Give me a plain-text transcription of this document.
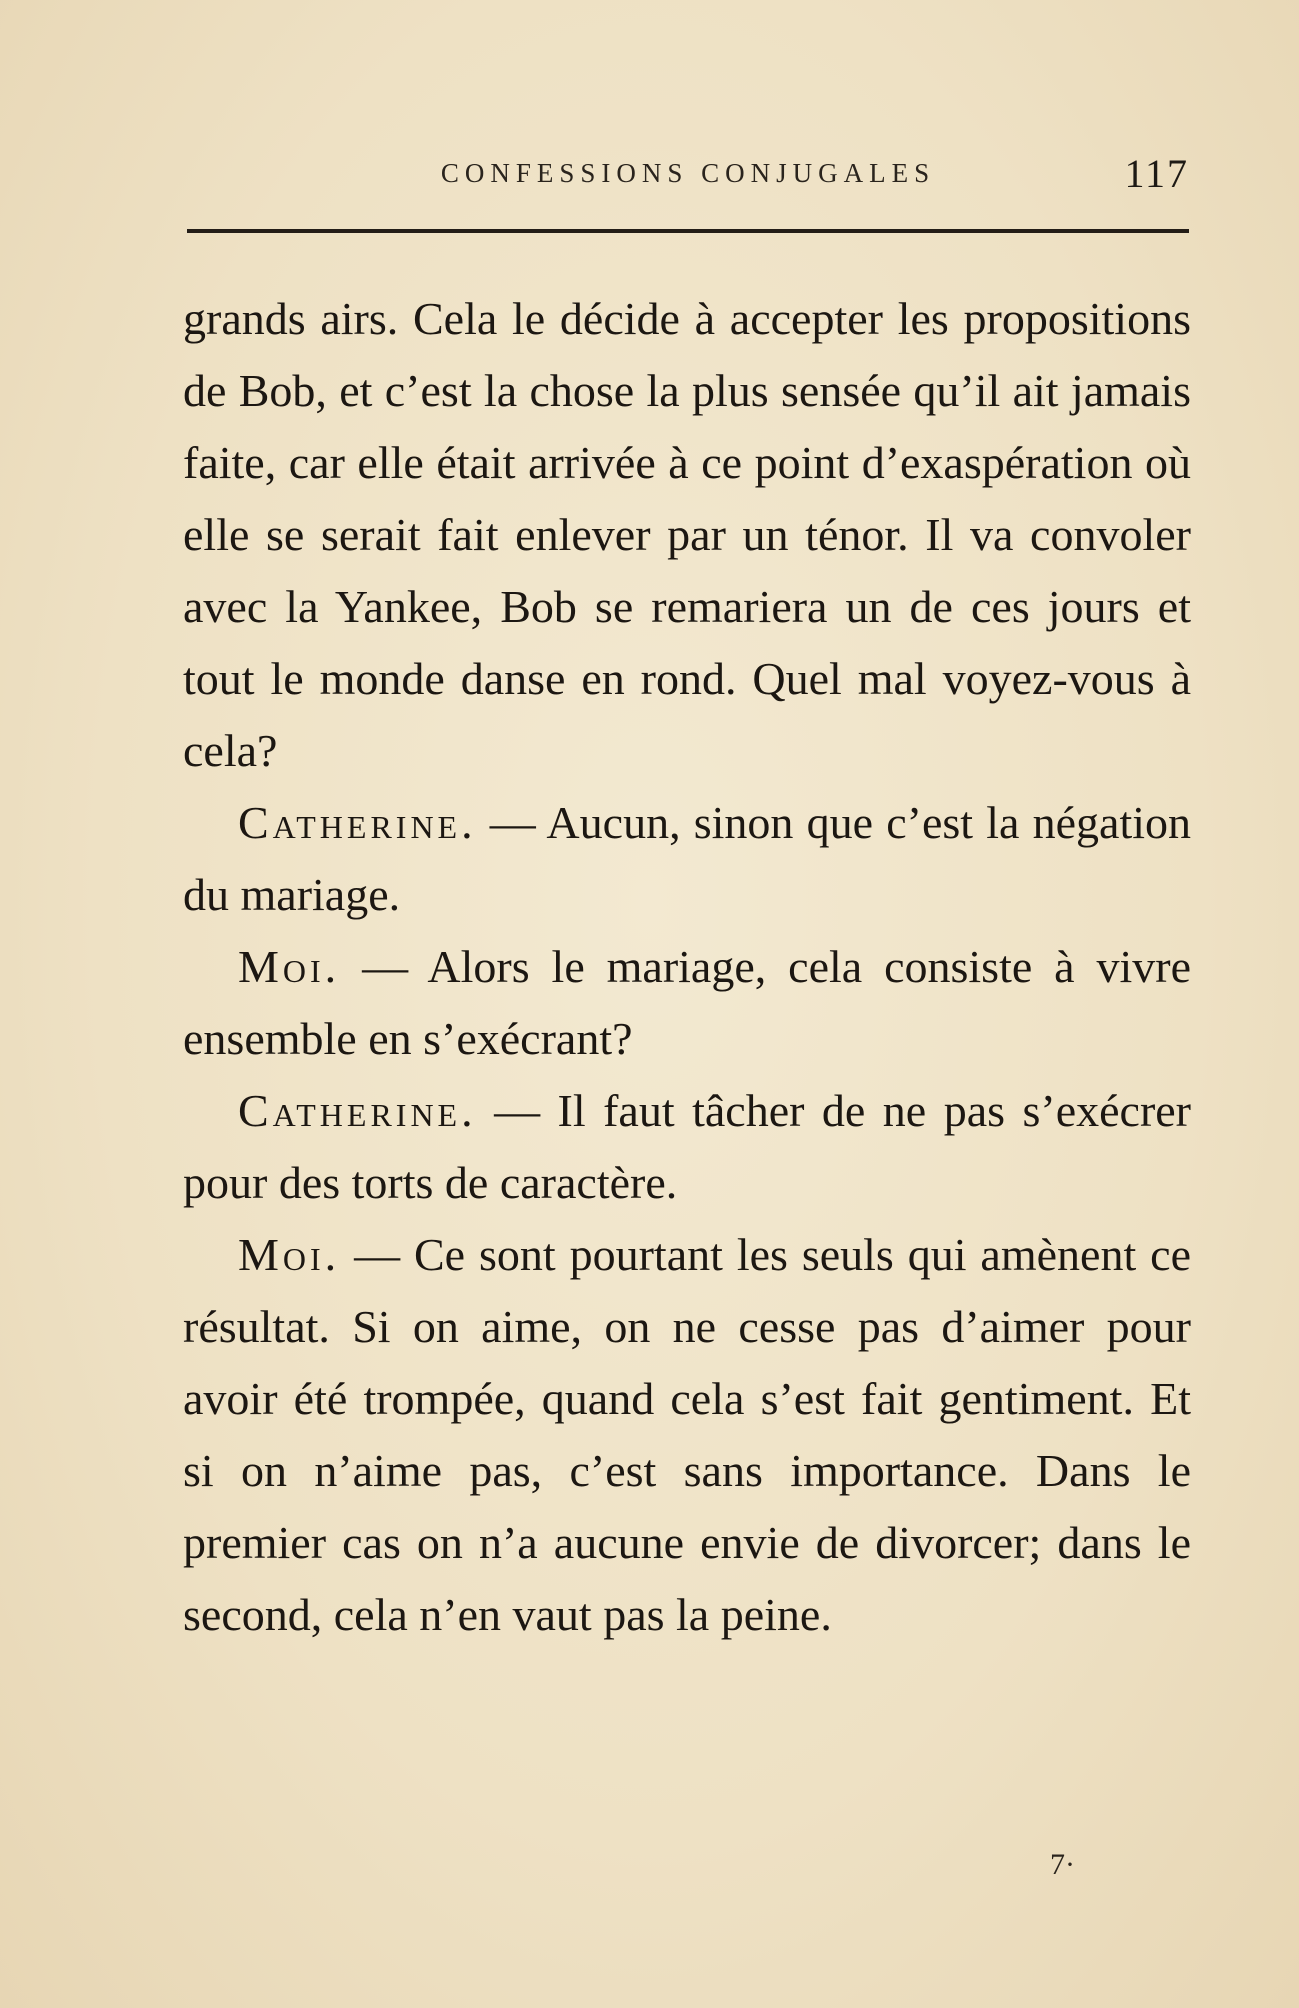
CONFESSIONS CONJUGALES	117

grands airs. Cela le décide à accepter les propositions de Bob, et c’est la chose la plus sensée qu’il ait jamais faite, car elle était arrivée à ce point d’exaspération où elle se serait fait enlever par un ténor. Il va convoler avec la Yankee, Bob se remariera un de ces jours et tout le monde danse en rond. Quel mal voyez-vous à cela?

Catherine. — Aucun, sinon que c’est la négation du mariage.

Moi. — Alors le mariage, cela consiste à vivre ensemble en s’exécrant?

Catherine. — Il faut tâcher de ne pas s’exécrer pour des torts de caractère.

Moi. — Ce sont pourtant les seuls qui amènent ce résultat. Si on aime, on ne cesse pas d’aimer pour avoir été trompée, quand cela s’est fait gentiment. Et si on n’aime pas, c’est sans importance. Dans le premier cas on n’a aucune envie de divorcer; dans le second, cela n’en vaut pas la peine.

7·
